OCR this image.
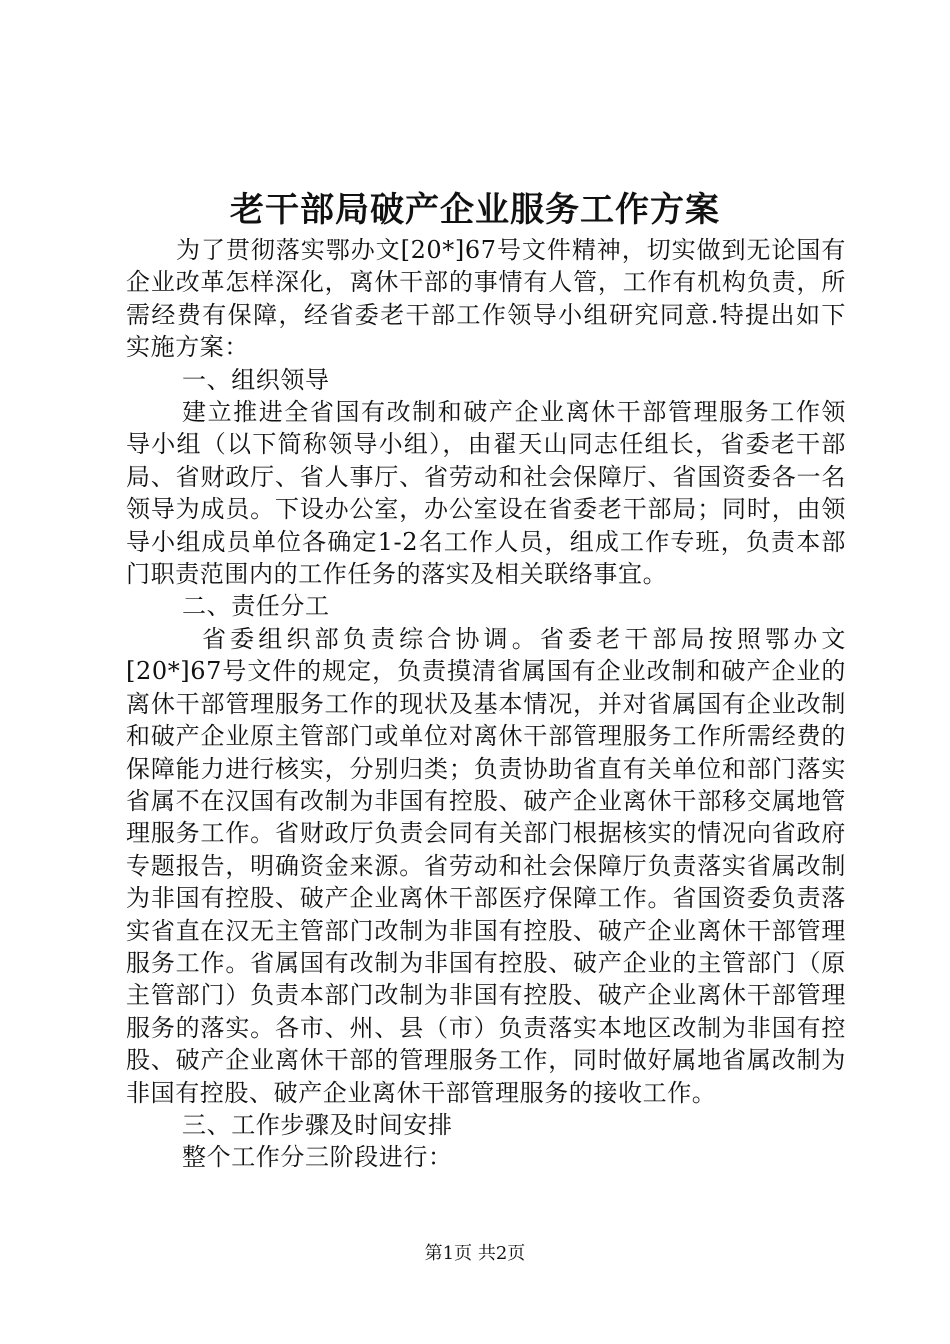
老干部局破产企业服务工作方案

为了贯彻落实鄂办文[20*]67号文件精神，切实做到无论国有企业改革怎样深化，离休干部的事情有人管，工作有机构负责，所需经费有保障，经省委老干部工作领导小组研究同意.特提出如下实施方案：

一、组织领导

建立推进全省国有改制和破产企业离休干部管理服务工作领导小组（以下简称领导小组），由翟天山同志任组长，省委老干部局、省财政厅、省人事厅、省劳动和社会保障厅、省国资委各一名领导为成员。下设办公室，办公室设在省委老干部局；同时，由领导小组成员单位各确定1-2名工作人员，组成工作专班，负责本部门职责范围内的工作任务的落实及相关联络事宜。

二、责任分工

省委组织部负责综合协调。省委老干部局按照鄂办文[20*]67号文件的规定，负责摸清省属国有企业改制和破产企业的离休干部管理服务工作的现状及基本情况，并对省属国有企业改制和破产企业原主管部门或单位对离休干部管理服务工作所需经费的保障能力进行核实，分别归类；负责协助省直有关单位和部门落实省属不在汉国有改制为非国有控股、破产企业离休干部移交属地管理服务工作。省财政厅负责会同有关部门根据核实的情况向省政府专题报告，明确资金来源。省劳动和社会保障厅负责落实省属改制为非国有控股、破产企业离休干部医疗保障工作。省国资委负责落实省直在汉无主管部门改制为非国有控股、破产企业离休干部管理服务工作。省属国有改制为非国有控股、破产企业的主管部门（原主管部门）负责本部门改制为非国有控股、破产企业离休干部管理服务的落实。各市、州、县（市）负责落实本地区改制为非国有控股、破产企业离休干部的管理服务工作，同时做好属地省属改制为非国有控股、破产企业离休干部管理服务的接收工作。

三、工作步骤及时间安排

整个工作分三阶段进行：

第1页 共2页
